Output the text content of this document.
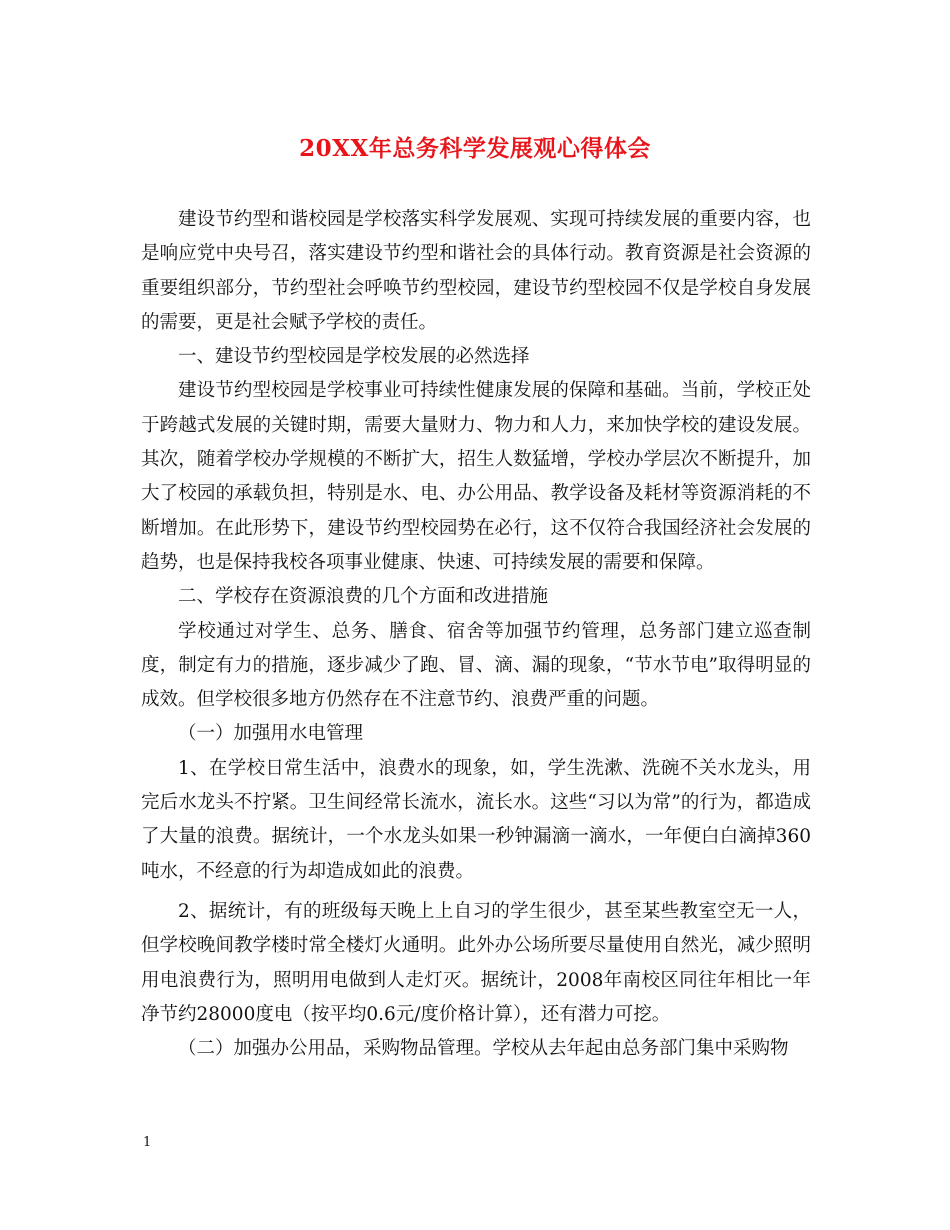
20XX年总务科学发展观心得体会

建设节约型和谐校园是学校落实科学发展观、实现可持续发展的重要内容，也是响应党中央号召，落实建设节约型和谐社会的具体行动。教育资源是社会资源的重要组织部分，节约型社会呼唤节约型校园，建设节约型校园不仅是学校自身发展的需要，更是社会赋予学校的责任。

一、建设节约型校园是学校发展的必然选择

建设节约型校园是学校事业可持续性健康发展的保障和基础。当前，学校正处于跨越式发展的关键时期，需要大量财力、物力和人力，来加快学校的建设发展。其次，随着学校办学规模的不断扩大，招生人数猛增，学校办学层次不断提升，加大了校园的承载负担，特别是水、电、办公用品、教学设备及耗材等资源消耗的不断增加。在此形势下，建设节约型校园势在必行，这不仅符合我国经济社会发展的趋势，也是保持我校各项事业健康、快速、可持续发展的需要和保障。

二、学校存在资源浪费的几个方面和改进措施

学校通过对学生、总务、膳食、宿舍等加强节约管理，总务部门建立巡查制度，制定有力的措施，逐步减少了跑、冒、滴、漏的现象，“节水节电”取得明显的成效。但学校很多地方仍然存在不注意节约、浪费严重的问题。

（一）加强用水电管理

1、在学校日常生活中，浪费水的现象，如，学生洗漱、洗碗不关水龙头，用完后水龙头不拧紧。卫生间经常长流水，流长水。这些“习以为常”的行为，都造成了大量的浪费。据统计，一个水龙头如果一秒钟漏滴一滴水，一年便白白滴掉360吨水，不经意的行为却造成如此的浪费。

2、据统计，有的班级每天晚上上自习的学生很少，甚至某些教室空无一人，但学校晚间教学楼时常全楼灯火通明。此外办公场所要尽量使用自然光，减少照明用电浪费行为，照明用电做到人走灯灭。据统计，2008年南校区同往年相比一年净节约28000度电（按平均0.6元/度价格计算），还有潜力可挖。

（二）加强办公用品，采购物品管理。学校从去年起由总务部门集中采购物

1
